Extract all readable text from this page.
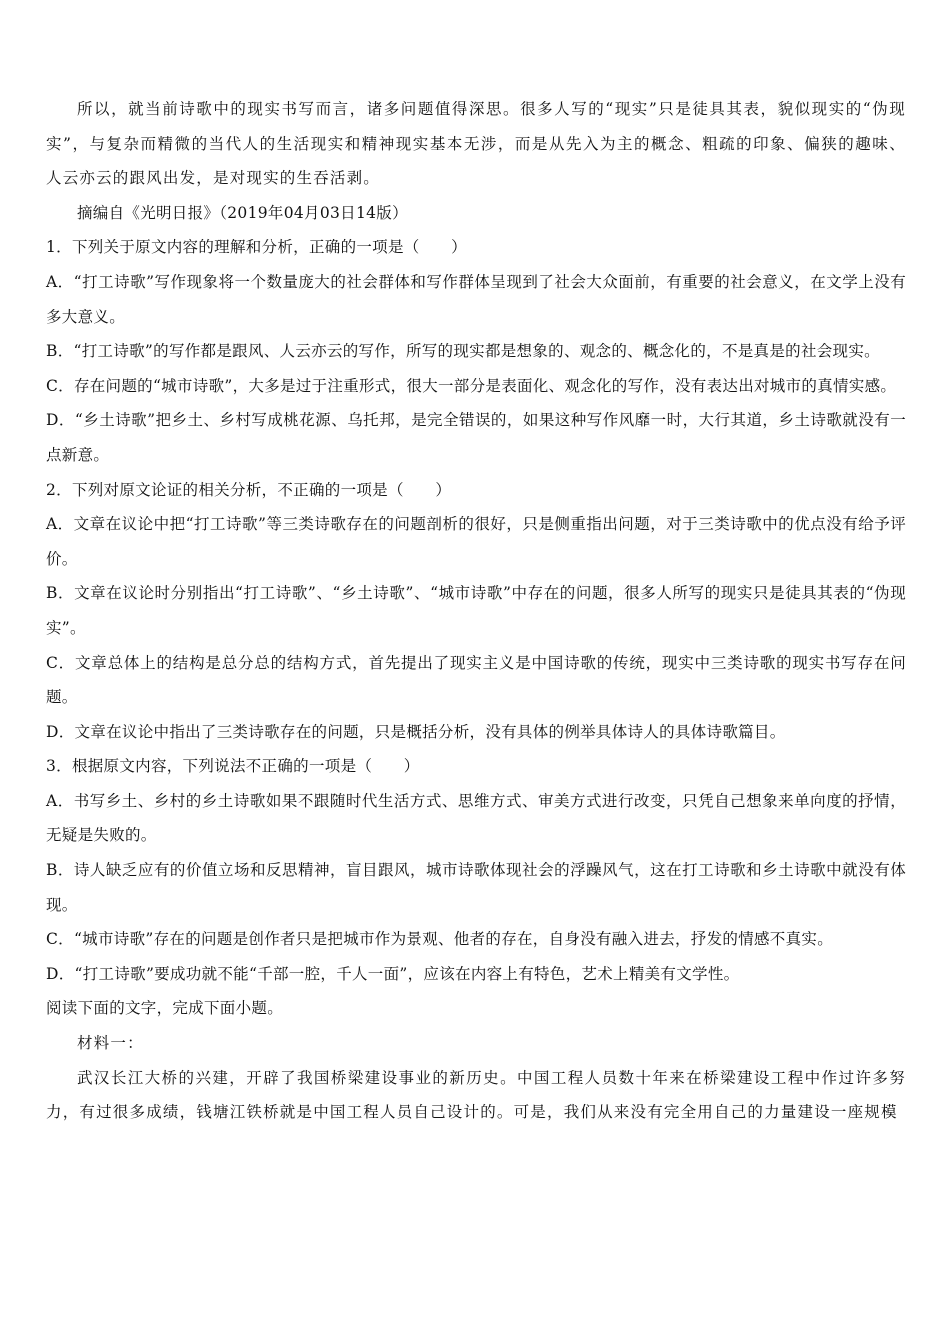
所以，就当前诗歌中的现实书写而言，诸多问题值得深思。很多人写的“现实”只是徒具其表，貌似现实的“伪现实”，与复杂而精微的当代人的生活现实和精神现实基本无涉，而是从先入为主的概念、粗疏的印象、偏狭的趣味、人云亦云的跟风出发，是对现实的生吞活剥。

摘编自《光明日报》（2019年04月03日14版）

1．下列关于原文内容的理解和分析，正确的一项是（　　）

A．“打工诗歌”写作现象将一个数量庞大的社会群体和写作群体呈现到了社会大众面前，有重要的社会意义，在文学上没有多大意义。

B．“打工诗歌”的写作都是跟风、人云亦云的写作，所写的现实都是想象的、观念的、概念化的，不是真是的社会现实。

C．存在问题的“城市诗歌”，大多是过于注重形式，很大一部分是表面化、观念化的写作，没有表达出对城市的真情实感。

D．“乡土诗歌”把乡土、乡村写成桃花源、乌托邦，是完全错误的，如果这种写作风靡一时，大行其道，乡土诗歌就没有一点新意。

2．下列对原文论证的相关分析，不正确的一项是（　　）

A．文章在议论中把“打工诗歌”等三类诗歌存在的问题剖析的很好，只是侧重指出问题，对于三类诗歌中的优点没有给予评价。

B．文章在议论时分别指出“打工诗歌”、“乡土诗歌”、“城市诗歌”中存在的问题，很多人所写的现实只是徒具其表的“伪现实”。

C．文章总体上的结构是总分总的结构方式，首先提出了现实主义是中国诗歌的传统，现实中三类诗歌的现实书写存在问题。

D．文章在议论中指出了三类诗歌存在的问题，只是概括分析，没有具体的例举具体诗人的具体诗歌篇目。

3．根据原文内容，下列说法不正确的一项是（　　）

A．书写乡土、乡村的乡土诗歌如果不跟随时代生活方式、思维方式、审美方式进行改变，只凭自己想象来单向度的抒情，无疑是失败的。

B．诗人缺乏应有的价值立场和反思精神，盲目跟风，城市诗歌体现社会的浮躁风气，这在打工诗歌和乡土诗歌中就没有体现。

C．“城市诗歌”存在的问题是创作者只是把城市作为景观、他者的存在，自身没有融入进去，抒发的情感不真实。

D．“打工诗歌”要成功就不能“千部一腔，千人一面”，应该在内容上有特色，艺术上精美有文学性。

阅读下面的文字，完成下面小题。

材料一：

武汉长江大桥的兴建，开辟了我国桥梁建设事业的新历史。中国工程人员数十年来在桥梁建设工程中作过许多努力，有过很多成绩，钱塘江铁桥就是中国工程人员自己设计的。可是，我们从来没有完全用自己的力量建设一座规模
